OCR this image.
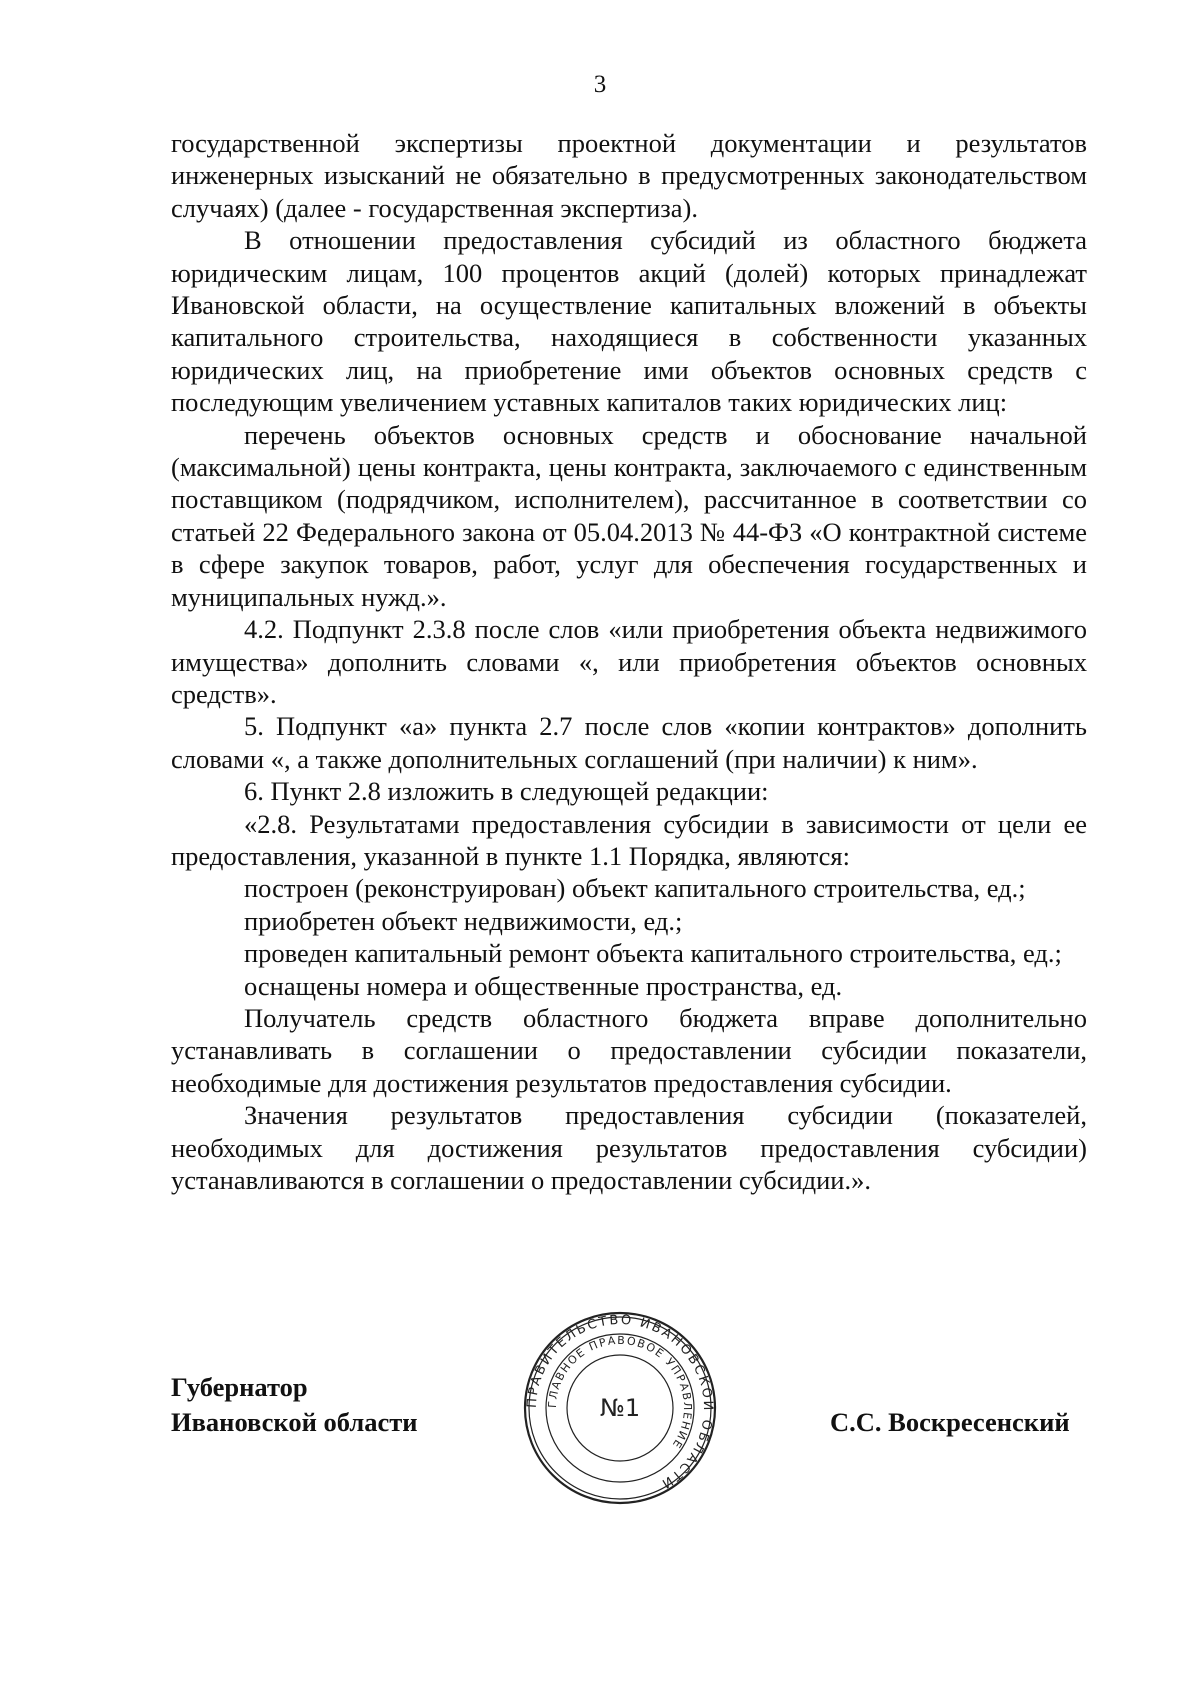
3

государственной экспертизы проектной документации и результатов инженерных изысканий не обязательно в предусмотренных законодательством случаях) (далее - государственная экспертиза).

В отношении предоставления субсидий из областного бюджета юридическим лицам, 100 процентов акций (долей) которых принадлежат Ивановской области, на осуществление капитальных вложений в объекты капитального строительства, находящиеся в собственности указанных юридических лиц, на приобретение ими объектов основных средств с последующим увеличением уставных капиталов таких юридических лиц:

перечень объектов основных средств и обоснование начальной (максимальной) цены контракта, цены контракта, заключаемого с единственным поставщиком (подрядчиком, исполнителем), рассчитанное в соответствии со статьей 22 Федерального закона от 05.04.2013 № 44-ФЗ «О контрактной системе в сфере закупок товаров, работ, услуг для обеспечения государственных и муниципальных нужд.».

4.2. Подпункт 2.3.8 после слов «или приобретения объекта недвижимого имущества» дополнить словами «, или приобретения объектов основных средств».

5. Подпункт «а» пункта 2.7 после слов «копии контрактов» дополнить словами «, а также дополнительных соглашений (при наличии) к ним».

6. Пункт 2.8 изложить в следующей редакции:

«2.8. Результатами предоставления субсидии в зависимости от цели ее предоставления, указанной в пункте 1.1 Порядка, являются:

построен (реконструирован) объект капитального строительства, ед.;

приобретен объект недвижимости, ед.;

проведен капитальный ремонт объекта капитального строительства, ед.;

оснащены номера и общественные пространства, ед.

Получатель средств областного бюджета вправе дополнительно устанавливать в соглашении о предоставлении субсидии показатели, необходимые для достижения результатов предоставления субсидии.

Значения результатов предоставления субсидии (показателей, необходимых для достижения результатов предоставления субсидии) устанавливаются в соглашении о предоставлении субсидии.».

Губернатор
Ивановской области
ПРАВИТЕЛЬСТВО ИВАНОВСКОЙ ОБЛАСТИ
ГЛАВНОЕ ПРАВОВОЕ УПРАВЛЕНИЕ
№1	С.С. Воскресенский
